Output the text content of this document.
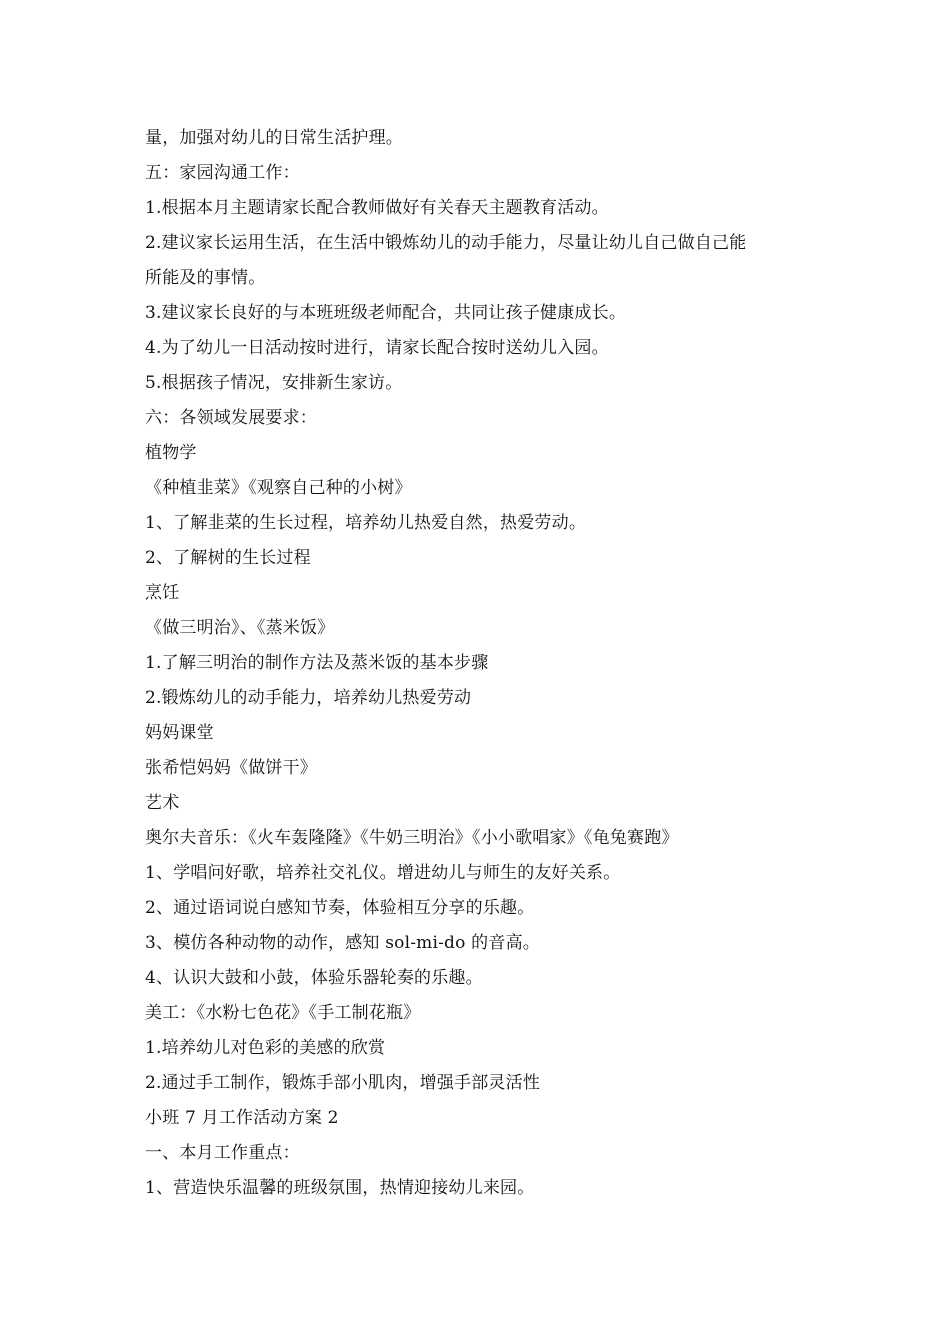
量，加强对幼儿的日常生活护理。
五：家园沟通工作：
1.根据本月主题请家长配合教师做好有关春天主题教育活动。
2.建议家长运用生活，在生活中锻炼幼儿的动手能力，尽量让幼儿自己做自己能
所能及的事情。
3.建议家长良好的与本班班级老师配合，共同让孩子健康成长。
4.为了幼儿一日活动按时进行，请家长配合按时送幼儿入园。
5.根据孩子情况，安排新生家访。
六：各领域发展要求：
植物学
《种植韭菜》《观察自己种的小树》
1、了解韭菜的生长过程，培养幼儿热爱自然，热爱劳动。
2、了解树的生长过程
烹饪
《做三明治》、《蒸米饭》
1.了解三明治的制作方法及蒸米饭的基本步骤
2.锻炼幼儿的动手能力，培养幼儿热爱劳动
妈妈课堂
张希恺妈妈《做饼干》
艺术
奥尔夫音乐：《火车轰隆隆》《牛奶三明治》《小小歌唱家》《龟兔赛跑》
1、学唱问好歌，培养社交礼仪。增进幼儿与师生的友好关系。
2、通过语词说白感知节奏，体验相互分享的乐趣。
3、模仿各种动物的动作，感知 sol-mi-do 的音高。
4、认识大鼓和小鼓，体验乐器轮奏的乐趣。
美工：《水粉七色花》《手工制花瓶》
1.培养幼儿对色彩的美感的欣赏
2.通过手工制作，锻炼手部小肌肉，增强手部灵活性
小班 7 月工作活动方案 2
一、本月工作重点：
1、营造快乐温馨的班级氛围，热情迎接幼儿来园。
